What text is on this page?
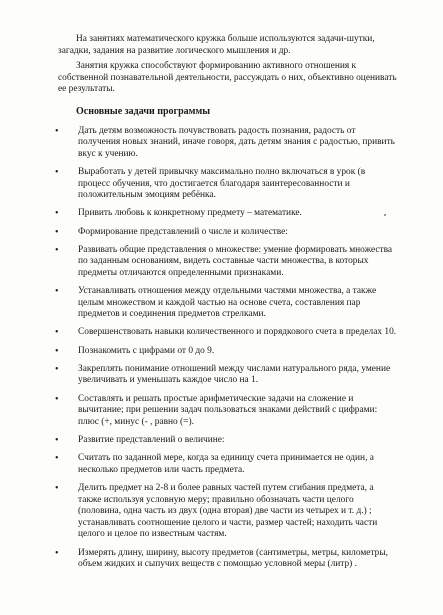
На занятиях математического кружка больше используются задачи-шутки, загадки, задания на развитие логического мышления и др.

Занятия кружка способствуют формированию активного отношения к собственной познавательной деятельности, рассуждать о них, объективно оценивать ее результаты.

Основные задачи программы

• Дать детям возможность почувствовать радость познания, радость от получения новых знаний, иначе говоря, дать детям знания с радостью, привить вкус к учению.
• Выработать у детей привычку максимально полно включаться в урок (в процесс обучения, что достигается благодаря заинтересованности и положительным эмоциям ребёнка.
• Привить любовь к конкретному предмету – математике.
• Формирование представлений о числе и количестве:
• Развивать общие представления о множестве: умение формировать множества по заданным основаниям, видеть составные части множества, в которых предметы отличаются определенными признаками.
• Устанавливать отношения между отдельными частями множества, а также целым множеством и каждой частью на основе счета, составления пар предметов и соединения предметов стрелками.
• Совершенствовать навыки количественного и порядкового счета в пределах 10.
• Познакомить с цифрами от 0 до 9.
• Закреплять понимание отношений между числами натурального ряда, умение увеличивать и уменьшать каждое число на 1.
• Составлять и решать простые арифметические задачи на сложение и вычитание; при решении задач пользоваться знаками действий с цифрами: плюс (+, минус (- , равно (=).
• Развитие представлений о величине:
• Считать по заданной мере, когда за единицу счета принимается не один, а несколько предметов или часть предмета.
• Делить предмет на 2-8 и более равных частей путем сгибания предмета, а также используя условную меру; правильно обозначать части целого (половина, одна часть из двух (одна вторая) две части из четырех и т. д.) ; устанавливать соотношение целого и части, размер частей; находить части целого и целое по известным частям.
• Измерять длину, ширину, высоту предметов (сантиметры, метры, километры, объем жидких и сыпучих веществ с помощью условной меры (литр) .
